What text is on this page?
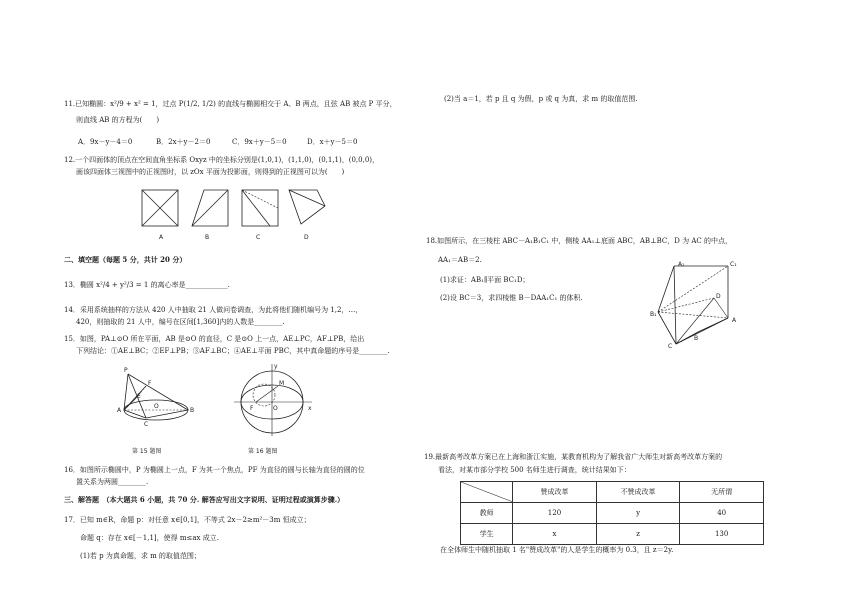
11.已知椭圆：x²/9 + x² = 1，过点 P(1/2, 1/2) 的直线与椭圆相交于 A、B 两点，且弦 AB 被点 P 平分，
则直线 AB 的方程为(　　)
A．9x－y－4＝0	B．2x＋y－2＝0	C．9x＋y－5＝0	D．x＋y－5＝0
12.一个四面体的顶点在空间直角坐标系 Oxyz 中的坐标分别是(1,0,1)，(1,1,0)，(0,1,1)，(0,0,0)，
画该四面体三视图中的正视图时，以 zOx 平面为投影面，则得到的正视图可以为(　　)
A	B	C	D
二、填空题（每题 5 分，共计 20 分）
13．椭圆 x²/4 + y²/3 = 1 的离心率是____________.
14．采用系统抽样的方法从 420 人中抽取 21 人做问卷调查，为此将他们随机编号为 1,2，…，
420，则抽取的 21 人中，编号在区间[1,360]内的人数是________.
15．如图，PA⊥⊙O 所在平面，AB 是⊙O 的直径，C 是⊙O 上一点，AE⊥PC，AF⊥PB，给出
下列结论：①AE⊥BC；②EF⊥PB；③AF⊥BC；④AE⊥平面 PBC，其中真命题的序号是________.
P
F
E
A
O
B
C
第 15 题图
y
M
F	O	x
第 16 题图
16．如图所示椭圆中，P 为椭圆上一点，F 为其一个焦点，PF 为直径的圆与长轴为直径的圆的位
置关系为两圆________.
三、解答题　（本大题共 6 小题，共 70 分. 解答应写出文字说明、证明过程或演算步骤.）
17．已知 m∈R，命题 p：对任意 x∈[0,1]，不等式 2x－2≥m²－3m 恒成立；
命题 q：存在 x∈[－1,1]，使得 m≤ax 成立.
(1)若 p 为真命题，求 m 的取值范围；
(2)当 a＝1，若 p 且 q 为假，p 或 q 为真，求 m 的取值范围.
18.如图所示，在三棱柱 ABC－A₁B₁C₁ 中，侧棱 AA₁⊥底面 ABC，AB⊥BC，D 为 AC 的中点，
AA₁＝AB＝2.
(1)求证：AB₁∥平面 BC₁D；
(2)设 BC＝3，求四棱锥 B－DAA₁C₁ 的体积.
A₁	C₁
B₁
A
D
B
C
19.最新高考改革方案已在上海和浙江实施，某教育机构为了解我省广大师生对新高考改革方案的
看法，对某市部分学校 500 名师生进行调查，统计结果如下：
	赞成改革	不赞成改革	无所谓
教师	120	y	40
学生	x	z	130
在全体师生中随机抽取 1 名"赞成改革"的人是学生的概率为 0.3，且 z＝2y.
